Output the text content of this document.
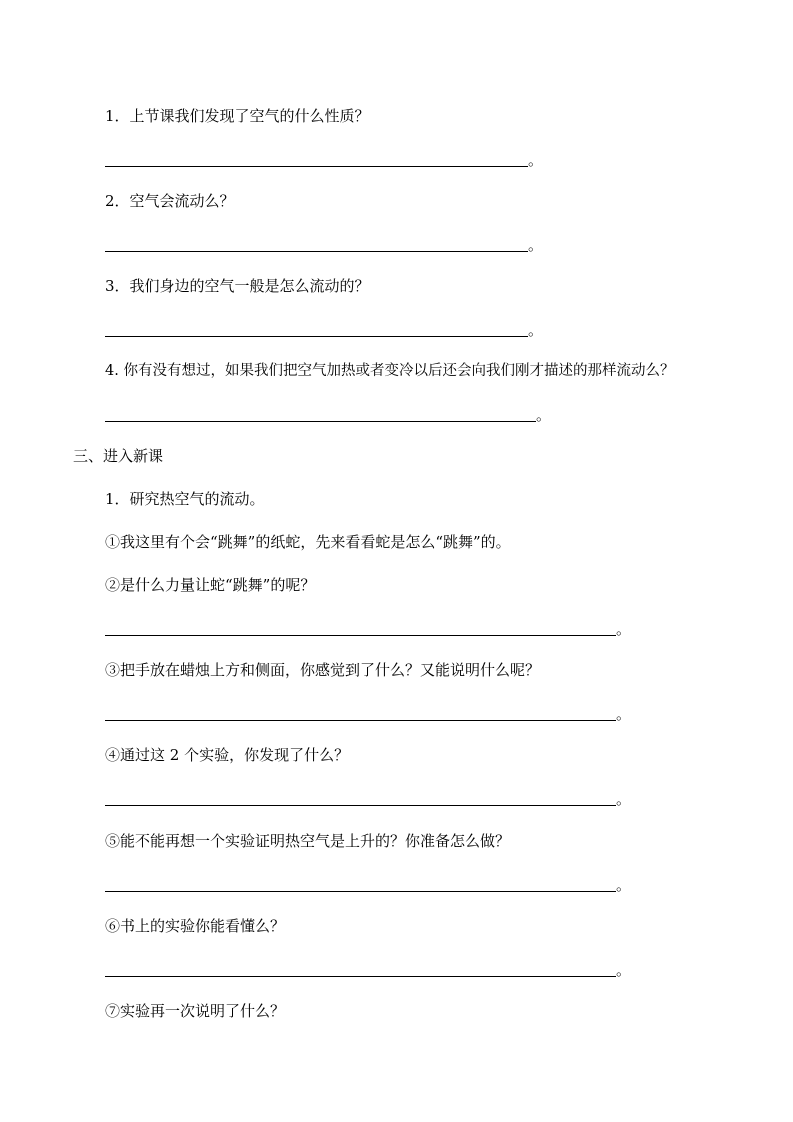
1．上节课我们发现了空气的什么性质？
。
2．空气会流动么？
。
3．我们身边的空气一般是怎么流动的？
。
4. 你有没有想过，如果我们把空气加热或者变冷以后还会向我们刚才描述的那样流动么？
。
三、进入新课
1．研究热空气的流动。
①我这里有个会“跳舞”的纸蛇，先来看看蛇是怎么“跳舞”的。
②是什么力量让蛇“跳舞”的呢？
。
③把手放在蜡烛上方和侧面，你感觉到了什么？又能说明什么呢？
。
④通过这 2 个实验，你发现了什么？
。
⑤能不能再想一个实验证明热空气是上升的？你准备怎么做？
。
⑥书上的实验你能看懂么？
。
⑦实验再一次说明了什么？
